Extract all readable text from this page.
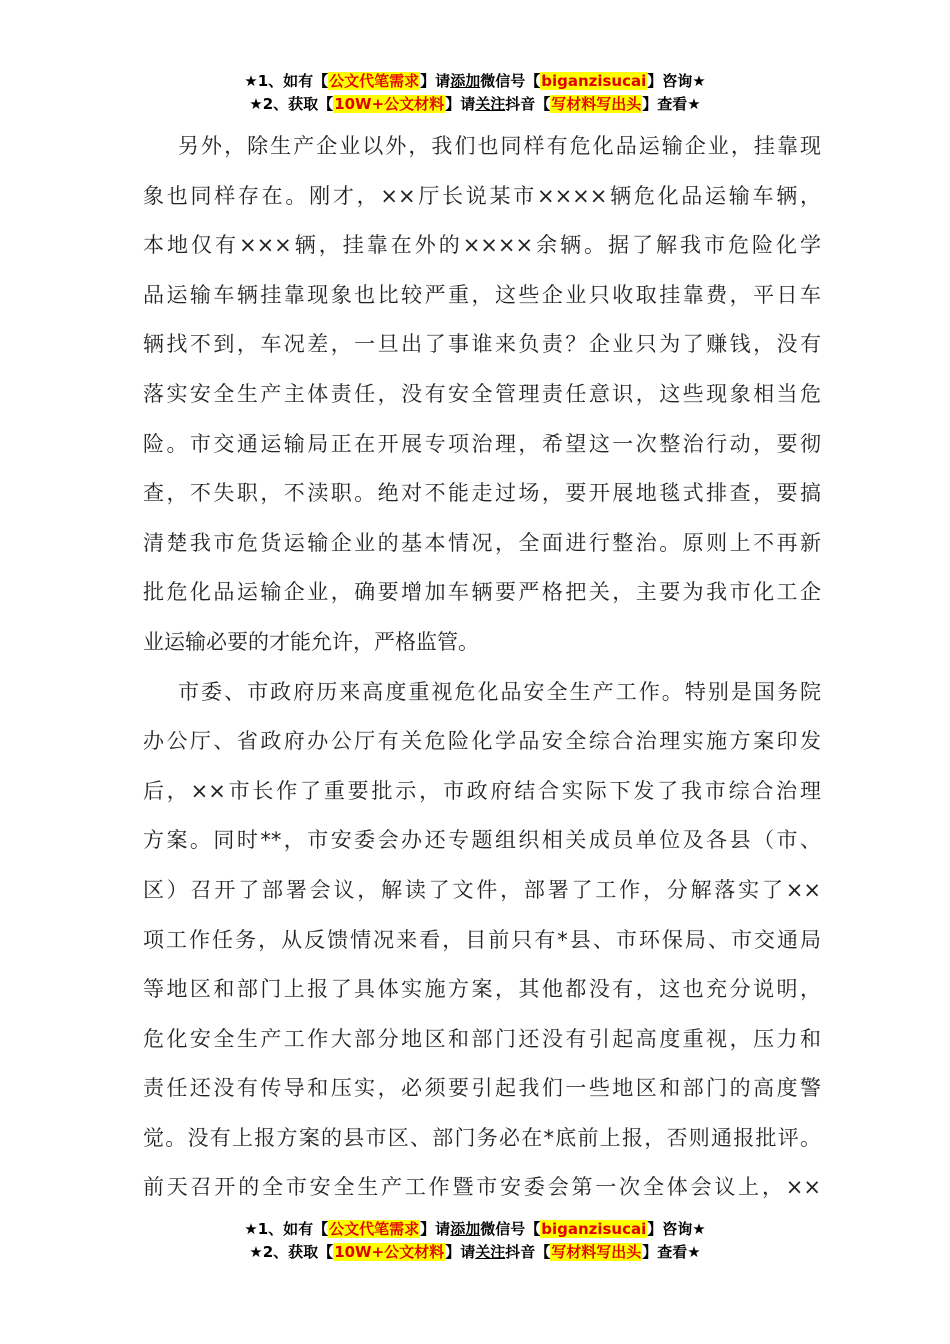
★1、如有【公文代笔需求】请添加微信号【biganzisucai】咨询★
★2、获取【10W+公文材料】请关注抖音【写材料写出头】查看★
另外，除生产企业以外，我们也同样有危化品运输企业，挂靠现
象也同样存在。刚才，××厅长说某市××××辆危化品运输车辆，
本地仅有×××辆，挂靠在外的××××余辆。据了解我市危险化学
品运输车辆挂靠现象也比较严重，这些企业只收取挂靠费，平日车
辆找不到，车况差，一旦出了事谁来负责？企业只为了赚钱，没有
落实安全生产主体责任，没有安全管理责任意识，这些现象相当危
险。市交通运输局正在开展专项治理，希望这一次整治行动，要彻
查，不失职，不渎职。绝对不能走过场，要开展地毯式排查，要搞
清楚我市危货运输企业的基本情况，全面进行整治。原则上不再新
批危化品运输企业，确要增加车辆要严格把关，主要为我市化工企
业运输必要的才能允许，严格监管。
市委、市政府历来高度重视危化品安全生产工作。特别是国务院
办公厅、省政府办公厅有关危险化学品安全综合治理实施方案印发
后，××市长作了重要批示，市政府结合实际下发了我市综合治理
方案。同时**，市安委会办还专题组织相关成员单位及各县（市、
区）召开了部署会议，解读了文件，部署了工作，分解落实了××
项工作任务，从反馈情况来看，目前只有*县、市环保局、市交通局
等地区和部门上报了具体实施方案，其他都没有，这也充分说明，
危化安全生产工作大部分地区和部门还没有引起高度重视，压力和
责任还没有传导和压实，必须要引起我们一些地区和部门的高度警
觉。没有上报方案的县市区、部门务必在*底前上报，否则通报批评。
前天召开的全市安全生产工作暨市安委会第一次全体会议上，××
★1、如有【公文代笔需求】请添加微信号【biganzisucai】咨询★
★2、获取【10W+公文材料】请关注抖音【写材料写出头】查看★
